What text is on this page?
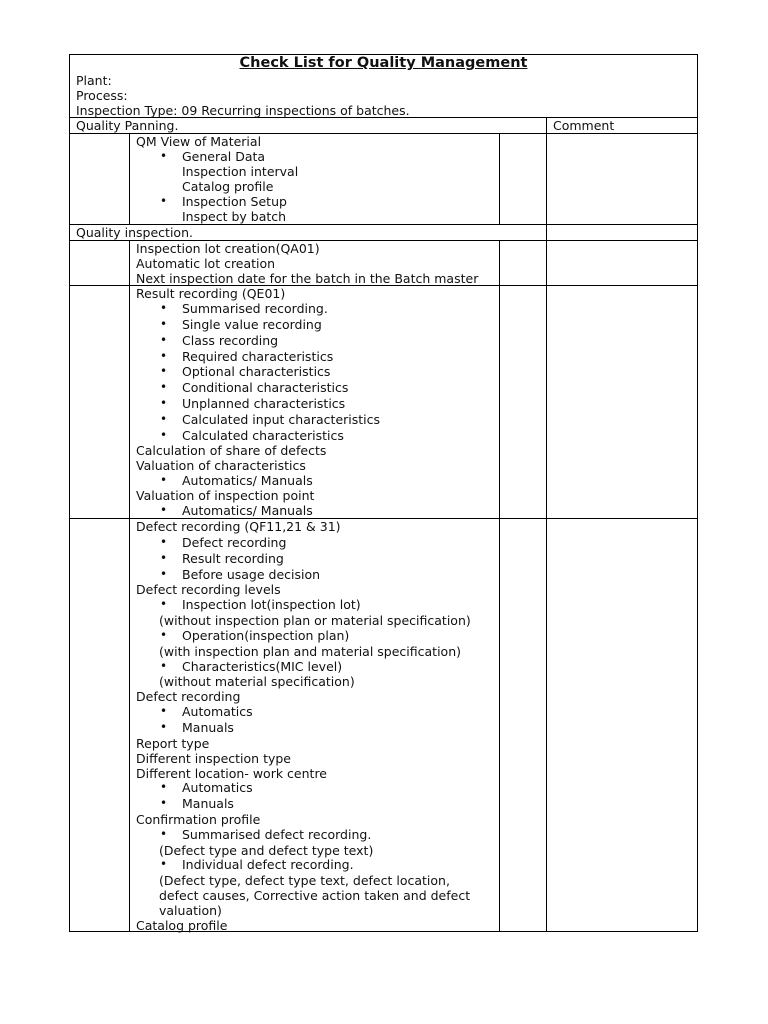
Check List for Quality Management
Plant:
Process:
Inspection Type: 09 Recurring inspections of batches.
Quality Panning.	Comment
QM View of Material
• General Data
Inspection interval
Catalog profile
• Inspection Setup
Inspect by batch
Quality inspection.
Inspection lot creation(QA01)
Automatic lot creation
Next inspection date for the batch in the Batch master
Result recording (QE01)
• Summarised recording.
• Single value recording
• Class recording
• Required characteristics
• Optional characteristics
• Conditional characteristics
• Unplanned characteristics
• Calculated input characteristics
• Calculated characteristics
Calculation of share of defects
Valuation of characteristics
• Automatics/ Manuals
Valuation of inspection point
• Automatics/ Manuals
Defect recording (QF11,21 & 31)
• Defect recording
• Result recording
• Before usage decision
Defect recording levels
• Inspection lot(inspection lot)
(without inspection plan or material specification)
• Operation(inspection plan)
(with inspection plan and material specification)
• Characteristics(MIC level)
(without material specification)
Defect recording
• Automatics
• Manuals
Report type
Different inspection type
Different location- work centre
• Automatics
• Manuals
Confirmation profile
• Summarised defect recording.
(Defect type and defect type text)
• Individual defect recording.
(Defect type, defect type text, defect location,
defect causes, Corrective action taken and defect
valuation)
Catalog profile
